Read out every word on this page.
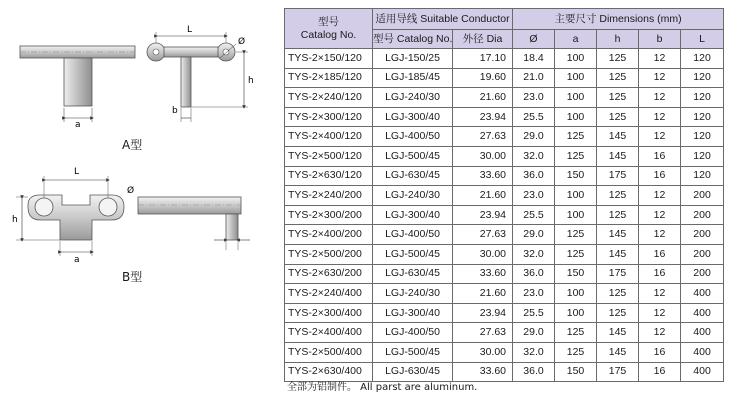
a
L
Ø
h
b
L
Ø
h
a
A型
B型
型号
Catalog No.	适用导线 Suitable Conductor		主要尺寸 Dimensions (mm)				
	型号 Catalog No.	外径 Dia	Ø	a	h	b	L
TYS-2×150/120	LGJ-150/25	17.10	18.4	100	125	12	120
TYS-2×185/120	LGJ-185/45	19.60	21.0	100	125	12	120
TYS-2×240/120	LGJ-240/30	21.60	23.0	100	125	12	120
TYS-2×300/120	LGJ-300/40	23.94	25.5	100	125	12	120
TYS-2×400/120	LGJ-400/50	27.63	29.0	125	145	12	120
TYS-2×500/120	LGJ-500/45	30.00	32.0	125	145	16	120
TYS-2×630/120	LGJ-630/45	33.60	36.0	150	175	16	120
TYS-2×240/200	LGJ-240/30	21.60	23.0	100	125	12	200
TYS-2×300/200	LGJ-300/40	23.94	25.5	100	125	12	200
TYS-2×400/200	LGJ-400/50	27.63	29.0	125	145	12	200
TYS-2×500/200	LGJ-500/45	30.00	32.0	125	145	16	200
TYS-2×630/200	LGJ-630/45	33.60	36.0	150	175	16	200
TYS-2×240/400	LGJ-240/30	21.60	23.0	100	125	12	400
TYS-2×300/400	LGJ-300/40	23.94	25.5	100	125	12	400
TYS-2×400/400	LGJ-400/50	27.63	29.0	125	145	12	400
TYS-2×500/400	LGJ-500/45	30.00	32.0	125	145	16	400
TYS-2×630/400	LGJ-630/45	33.60	36.0	150	175	16	400
全部为铝制件。 All parst are aluminum.
